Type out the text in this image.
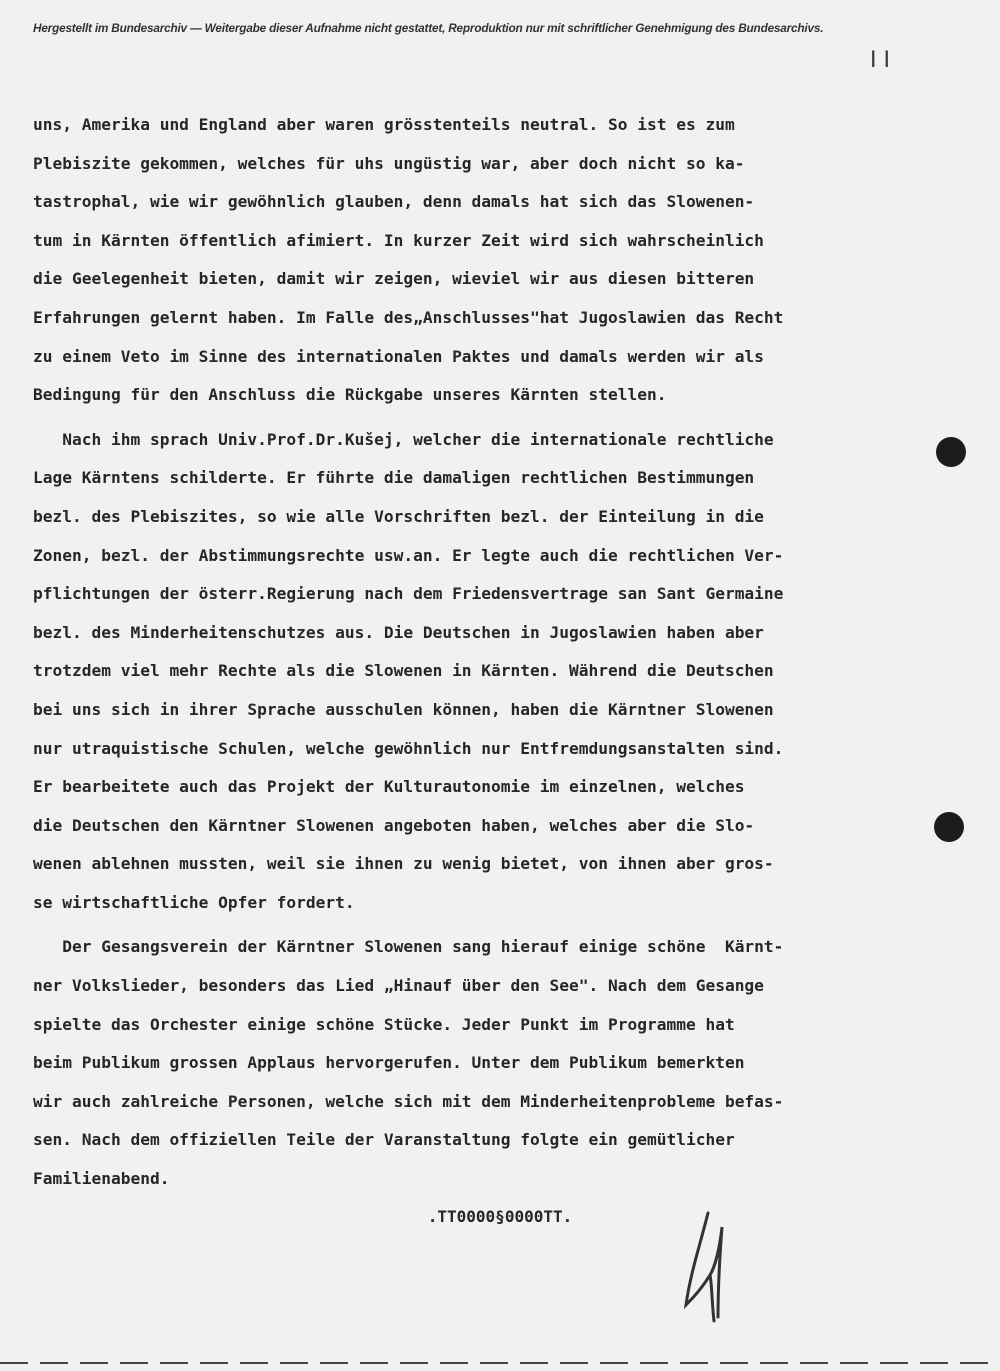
Hergestellt im Bundesarchiv — Weitergabe dieser Aufnahme nicht gestattet, Reproduktion nur mit schriftlicher Genehmigung des Bundesarchivs.
I I
uns, Amerika und England aber waren grösstenteils neutral. So ist es zum
Plebiszite gekommen, welches für uhs ungüstig war, aber doch nicht so ka-
tastrophal, wie wir gewöhnlich glauben, denn damals hat sich das Slowenen-
tum in Kärnten öffentlich afimiert. In kurzer Zeit wird sich wahrscheinlich
die Geelegenheit bieten, damit wir zeigen, wieviel wir aus diesen bitteren
Erfahrungen gelernt haben. Im Falle des„Anschlusses"hat Jugoslawien das Recht
zu einem Veto im Sinne des internationalen Paktes und damals werden wir als
Bedingung für den Anschluss die Rückgabe unseres Kärnten stellen.
Nach ihm sprach Univ.Prof.Dr.Kušej, welcher die internationale rechtliche
Lage Kärntens schilderte. Er führte die damaligen rechtlichen Bestimmungen
bezl. des Plebiszites, so wie alle Vorschriften bezl. der Einteilung in die
Zonen, bezl. der Abstimmungsrechte usw.an. Er legte auch die rechtlichen Ver-
pflichtungen der österr.Regierung nach dem Friedensvertrage san Sant Germaine
bezl. des Minderheitenschutzes aus. Die Deutschen in Jugoslawien haben aber
trotzdem viel mehr Rechte als die Slowenen in Kärnten. Während die Deutschen
bei uns sich in ihrer Sprache ausschulen können, haben die Kärntner Slowenen
nur utraquistische Schulen, welche gewöhnlich nur Entfremdungsanstalten sind.
Er bearbeitete auch das Projekt der Kulturautonomie im einzelnen, welches
die Deutschen den Kärntner Slowenen angeboten haben, welches aber die Slo-
wenen ablehnen mussten, weil sie ihnen zu wenig bietet, von ihnen aber gros-
se wirtschaftliche Opfer fordert.
Der Gesangsverein der Kärntner Slowenen sang hierauf einige schöne  Kärnt-
ner Volkslieder, besonders das Lied „Hinauf über den See". Nach dem Gesange
spielte das Orchester einige schöne Stücke. Jeder Punkt im Programme hat
beim Publikum grossen Applaus hervorgerufen. Unter dem Publikum bemerkten
wir auch zahlreiche Personen, welche sich mit dem Minderheitenprobleme befas-
sen. Nach dem offiziellen Teile der Varanstaltung folgte ein gemütlicher
Familienabend.
.TT0000§0000TT.
